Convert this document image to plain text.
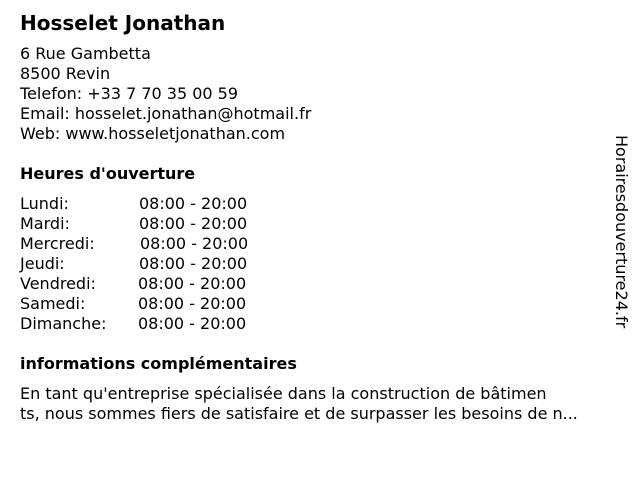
Hosselet Jonathan
6 Rue Gambetta
8500 Revin
Telefon: +33 7 70 35 00 59
Email: hosselet.jonathan@hotmail.fr
Web: www.hosseletjonathan.com
Heures d'ouverture
Lundi:	08:00 - 20:00
Mardi:	08:00 - 20:00
Mercredi:	08:00 - 20:00
Jeudi:	08:00 - 20:00
Vendredi:	08:00 - 20:00
Samedi:	08:00 - 20:00
Dimanche: 08:00 - 20:00
informations complémentaires
En tant qu'entreprise spécialisée dans la construction de bâtimen
ts, nous sommes fiers de satisfaire et de surpasser les besoins de n...
Horairesdouverture24.fr
